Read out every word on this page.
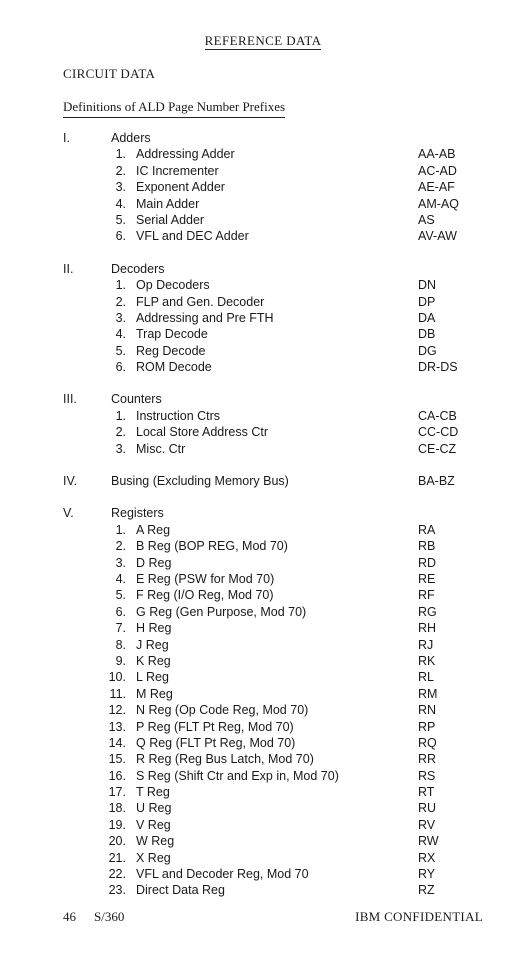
REFERENCE DATA
CIRCUIT DATA
Definitions of ALD Page Number Prefixes
I.	Adders
1. Addressing Adder	AA-AB
2. IC Incrementer	AC-AD
3. Exponent Adder	AE-AF
4. Main Adder	AM-AQ
5. Serial Adder	AS
6. VFL and DEC Adder	AV-AW
II.	Decoders
1. Op Decoders	DN
2. FLP and Gen. Decoder	DP
3. Addressing and Pre FTH	DA
4. Trap Decode	DB
5. Reg Decode	DG
6. ROM Decode	DR-DS
III.	Counters
1. Instruction Ctrs	CA-CB
2. Local Store Address Ctr	CC-CD
3. Misc. Ctr	CE-CZ
IV.	Busing (Excluding Memory Bus)	BA-BZ
V.	Registers
1. A Reg	RA
2. B Reg (BOP REG, Mod 70)	RB
3. D Reg	RD
4. E Reg (PSW for Mod 70)	RE
5. F Reg (I/O Reg, Mod 70)	RF
6. G Reg (Gen Purpose, Mod 70)	RG
7. H Reg	RH
8. J Reg	RJ
9. K Reg	RK
10. L Reg	RL
11. M Reg	RM
12. N Reg (Op Code Reg, Mod 70)	RN
13. P Reg (FLT Pt Reg, Mod 70)	RP
14. Q Reg (FLT Pt Reg, Mod 70)	RQ
15. R Reg (Reg Bus Latch, Mod 70)	RR
16. S Reg (Shift Ctr and Exp in, Mod 70)	RS
17. T Reg	RT
18. U Reg	RU
19. V Reg	RV
20. W Reg	RW
21. X Reg	RX
22. VFL and Decoder Reg, Mod 70	RY
23. Direct Data Reg	RZ
46 S/360	IBM CONFIDENTIAL
